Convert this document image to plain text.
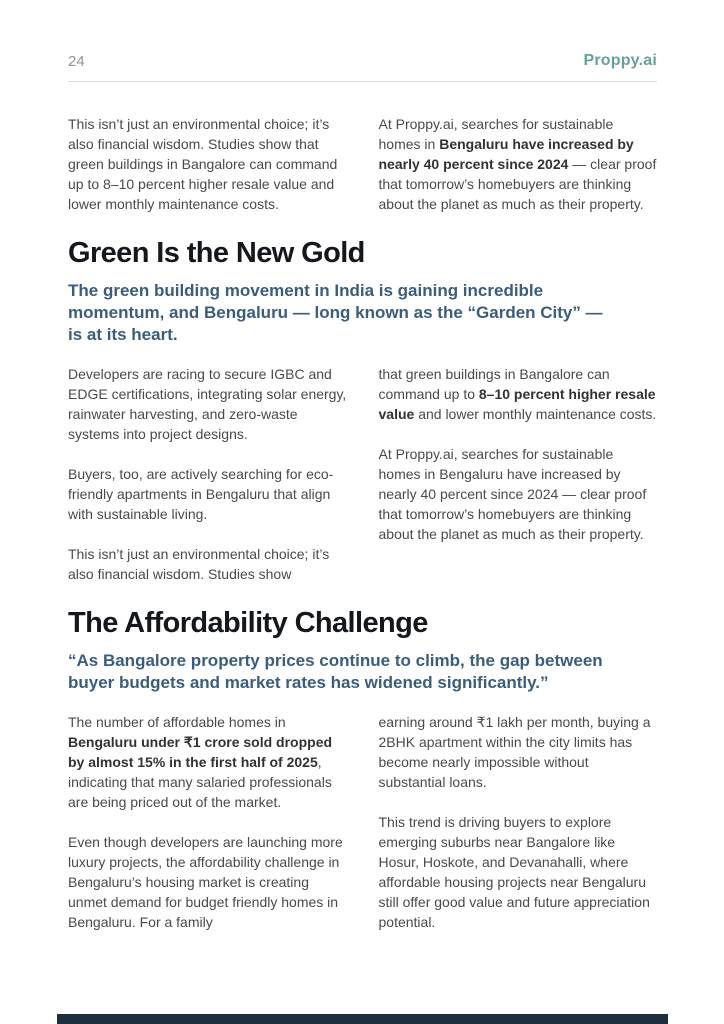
24	Proppy.ai

This isn’t just an environmental choice; it’s also financial wisdom. Studies show that green buildings in Bangalore can command up to 8–10 percent higher resale value and lower monthly maintenance costs.

At Proppy.ai, searches for sustainable homes in Bengaluru have increased by nearly 40 percent since 2024 — clear proof that tomorrow’s homebuyers are thinking about the planet as much as their property.

Green Is the New Gold

The green building movement in India is gaining incredible momentum, and Bengaluru — long known as the “Garden City” — is at its heart.

Developers are racing to secure IGBC and EDGE certifications, integrating solar energy, rainwater harvesting, and zero-waste systems into project designs.

Buyers, too, are actively searching for eco-friendly apartments in Bengaluru that align with sustainable living.

This isn’t just an environmental choice; it’s also financial wisdom. Studies show

that green buildings in Bangalore can command up to 8–10 percent higher resale value and lower monthly maintenance costs.

At Proppy.ai, searches for sustainable homes in Bengaluru have increased by nearly 40 percent since 2024 — clear proof that tomorrow’s homebuyers are thinking about the planet as much as their property.

The Affordability Challenge

“As Bangalore property prices continue to climb, the gap between buyer budgets and market rates has widened significantly.”

The number of affordable homes in Bengaluru under ₹1 crore sold dropped by almost 15% in the first half of 2025, indicating that many salaried professionals are being priced out of the market.

Even though developers are launching more luxury projects, the affordability challenge in Bengaluru’s housing market is creating unmet demand for budget friendly homes in Bengaluru. For a family

earning around ₹1 lakh per month, buying a 2BHK apartment within the city limits has become nearly impossible without substantial loans.

This trend is driving buyers to explore emerging suburbs near Bangalore like Hosur, Hoskote, and Devanahalli, where affordable housing projects near Bengaluru still offer good value and future appreciation potential.
